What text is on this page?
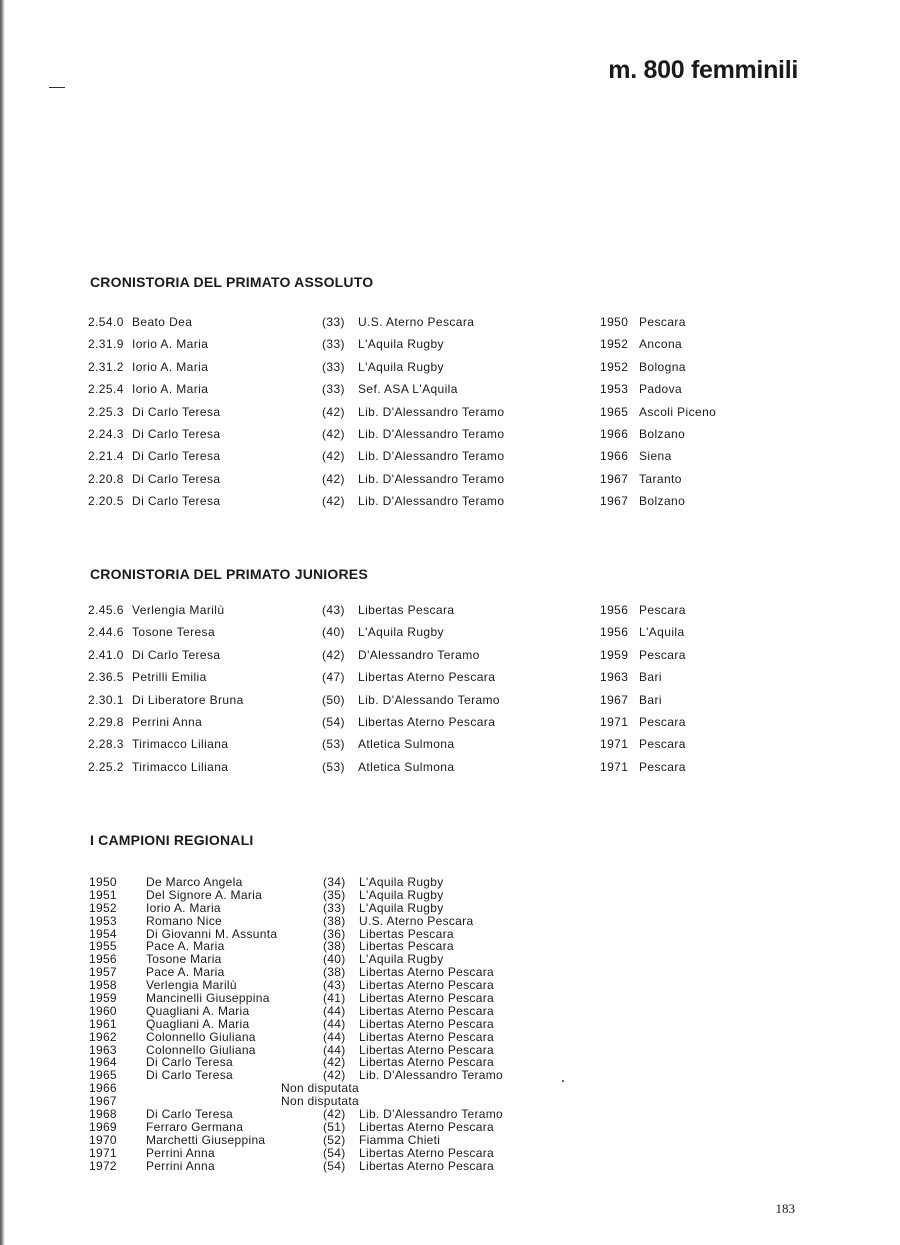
m. 800 femminili
CRONISTORIA DEL PRIMATO ASSOLUTO
2.54.0 Beato Dea	(33) U.S. Aterno Pescara	1950 Pescara
2.31.9 Iorio A. Maria	(33) L'Aquila Rugby	1952 Ancona
2.31.2 Iorio A. Maria	(33) L'Aquila Rugby	1952 Bologna
2.25.4 Iorio A. Maria	(33) Sef. ASA L'Aquila	1953 Padova
2.25.3 Di Carlo Teresa	(42) Lib. D'Alessandro Teramo	1965 Ascoli Piceno
2.24.3 Di Carlo Teresa	(42) Lib. D'Alessandro Teramo	1966 Bolzano
2.21.4 Di Carlo Teresa	(42) Lib. D'Alessandro Teramo	1966 Siena
2.20.8 Di Carlo Teresa	(42) Lib. D'Alessandro Teramo	1967 Taranto
2.20.5 Di Carlo Teresa	(42) Lib. D'Alessandro Teramo	1967 Bolzano
CRONISTORIA DEL PRIMATO JUNIORES
2.45.6 Verlengia Marilù	(43) Libertas Pescara	1956 Pescara
2.44.6 Tosone Teresa	(40) L'Aquila Rugby	1956 L'Aquila
2.41.0 Di Carlo Teresa	(42) D'Alessandro Teramo	1959 Pescara
2.36.5 Petrilli Emilia	(47) Libertas Aterno Pescara	1963 Bari
2.30.1 Di Liberatore Bruna	(50) Lib. D'Alessando Teramo	1967 Bari
2.29.8 Perrini Anna	(54) Libertas Aterno Pescara	1971 Pescara
2.28.3 Tirimacco Liliana	(53) Atletica Sulmona	1971 Pescara
2.25.2 Tirimacco Liliana	(53) Atletica Sulmona	1971 Pescara
I CAMPIONI REGIONALI
1950 De Marco Angela	(34) L'Aquila Rugby
1951 Del Signore A. Maria	(35) L'Aquila Rugby
1952 Iorio A. Maria	(33) L'Aquila Rugby
1953 Romano Nice	(38) U.S. Aterno Pescara
1954 Di Giovanni M. Assunta	(36) Libertas Pescara
1955 Pace A. Maria	(38) Libertas Pescara
1956 Tosone Maria	(40) L'Aquila Rugby
1957 Pace A. Maria	(38) Libertas Aterno Pescara
1958 Verlengia Marilù	(43) Libertas Aterno Pescara
1959 Mancinelli Giuseppina	(41) Libertas Aterno Pescara
1960 Quagliani A. Maria	(44) Libertas Aterno Pescara
1961 Quagliani A. Maria	(44) Libertas Aterno Pescara
1962 Colonnello Giuliana	(44) Libertas Aterno Pescara
1963 Colonnello Giuliana	(44) Libertas Aterno Pescara
1964 Di Carlo Teresa	(42) Libertas Aterno Pescara
1965 Di Carlo Teresa	(42) Lib. D'Alessandro Teramo
1966	Non disputata
1967	Non disputata
1968 Di Carlo Teresa	(42) Lib. D'Alessandro Teramo
1969 Ferraro Germana	(51) Libertas Aterno Pescara
1970 Marchetti Giuseppina	(52) Fiamma Chieti
1971 Perrini Anna	(54) Libertas Aterno Pescara
1972 Perrini Anna	(54) Libertas Aterno Pescara
183
